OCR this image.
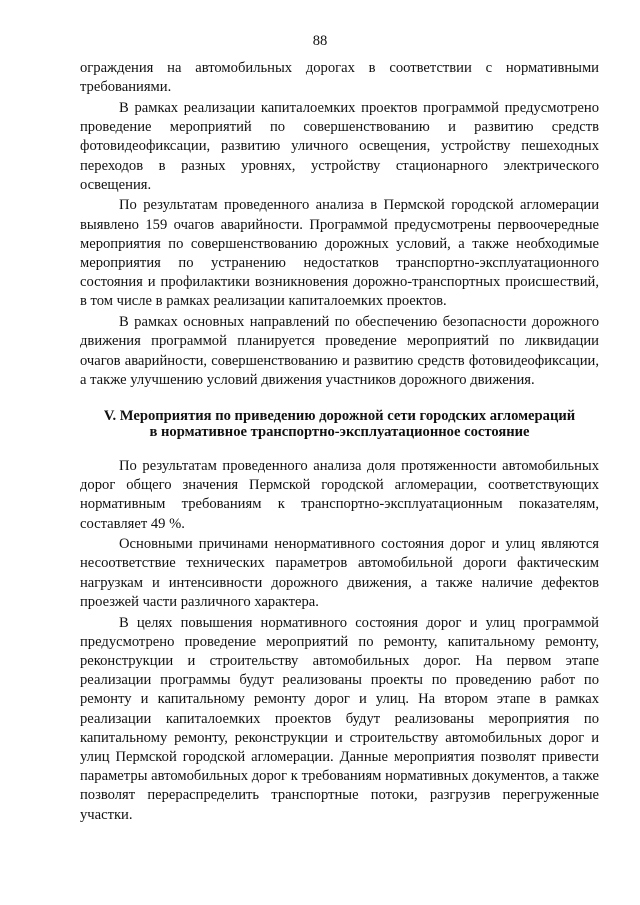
88

ограждения на автомобильных дорогах в соответствии с нормативными требованиями.

В рамках реализации капиталоемких проектов программой предусмотрено проведение мероприятий по совершенствованию и развитию средств фотовидеофиксации, развитию уличного освещения, устройству пешеходных переходов в разных уровнях, устройству стационарного электрического освещения.

По результатам проведенного анализа в Пермской городской агломерации выявлено 159 очагов аварийности. Программой предусмотрены первоочередные мероприятия по совершенствованию дорожных условий, а также необходимые мероприятия по устранению недостатков транспортно-эксплуатационного состояния и профилактики возникновения дорожно-транспортных происшествий, в том числе в рамках реализации капиталоемких проектов.

В рамках основных направлений по обеспечению безопасности дорожного движения программой планируется проведение мероприятий по ликвидации очагов аварийности, совершенствованию и развитию средств фотовидеофиксации, а также улучшению условий движения участников дорожного движения.

V. Мероприятия по приведению дорожной сети городских агломераций
в нормативное транспортно-эксплуатационное состояние

По результатам проведенного анализа доля протяженности автомобильных дорог общего значения Пермской городской агломерации, соответствующих нормативным требованиям к транспортно-эксплуатационным показателям, составляет 49 %.

Основными причинами ненормативного состояния дорог и улиц являются несоответствие технических параметров автомобильной дороги фактическим нагрузкам и интенсивности дорожного движения, а также наличие дефектов проезжей части различного характера.

В целях повышения нормативного состояния дорог и улиц программой предусмотрено проведение мероприятий по ремонту, капитальному ремонту, реконструкции и строительству автомобильных дорог. На первом этапе реализации программы будут реализованы проекты по проведению работ по ремонту и капитальному ремонту дорог и улиц. На втором этапе в рамках реализации капиталоемких проектов будут реализованы мероприятия по капитальному ремонту, реконструкции и строительству автомобильных дорог и улиц Пермской городской агломерации. Данные мероприятия позволят привести параметры автомобильных дорог к требованиям нормативных документов, а также позволят перераспределить транспортные потоки, разгрузив перегруженные участки.
